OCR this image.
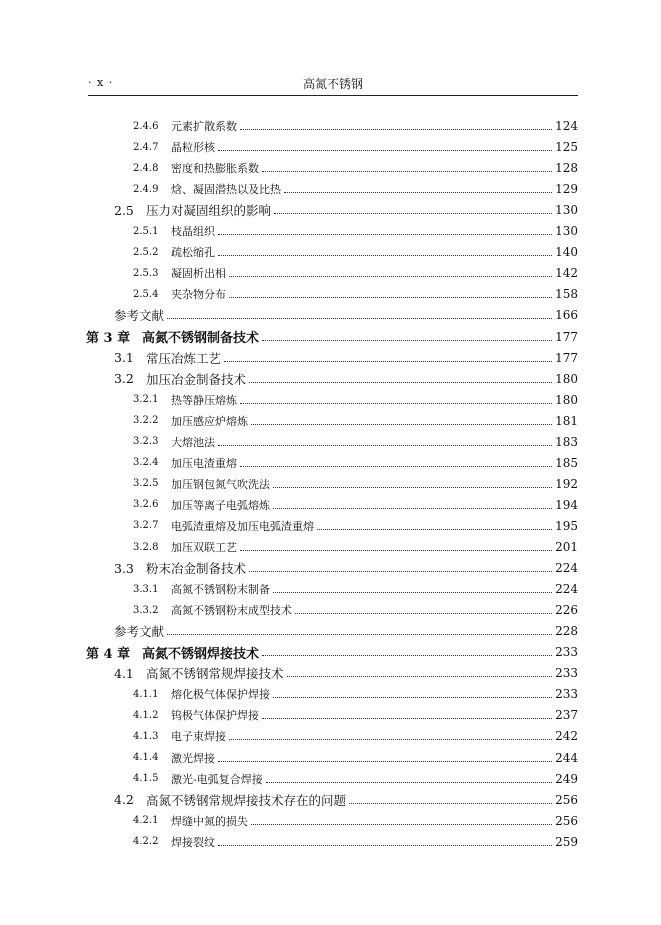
· x ·	高氮不锈钢
2.4.6	元素扩散系数	124
2.4.7	晶粒形核	125
2.4.8	密度和热膨胀系数	128
2.4.9	焓、凝固潜热以及比热	129
2.5 压力对凝固组织的影响	130
2.5.1	枝晶组织	130
2.5.2	疏松缩孔	140
2.5.3	凝固析出相	142
2.5.4	夹杂物分布	158
参考文献	166
第 3 章 高氮不锈钢制备技术	177
3.1 常压冶炼工艺	177
3.2 加压冶金制备技术	180
3.2.1	热等静压熔炼	180
3.2.2	加压感应炉熔炼	181
3.2.3	大熔池法	183
3.2.4	加压电渣重熔	185
3.2.5	加压钢包氮气吹洗法	192
3.2.6	加压等离子电弧熔炼	194
3.2.7	电弧渣重熔及加压电弧渣重熔	195
3.2.8	加压双联工艺	201
3.3 粉末冶金制备技术	224
3.3.1	高氮不锈钢粉末制备	224
3.3.2	高氮不锈钢粉末成型技术	226
参考文献	228
第 4 章 高氮不锈钢焊接技术	233
4.1 高氮不锈钢常规焊接技术	233
4.1.1	熔化极气体保护焊接	233
4.1.2	钨极气体保护焊接	237
4.1.3	电子束焊接	242
4.1.4	激光焊接	244
4.1.5	激光-电弧复合焊接	249
4.2 高氮不锈钢常规焊接技术存在的问题	256
4.2.1	焊缝中氮的损失	256
4.2.2	焊接裂纹	259
